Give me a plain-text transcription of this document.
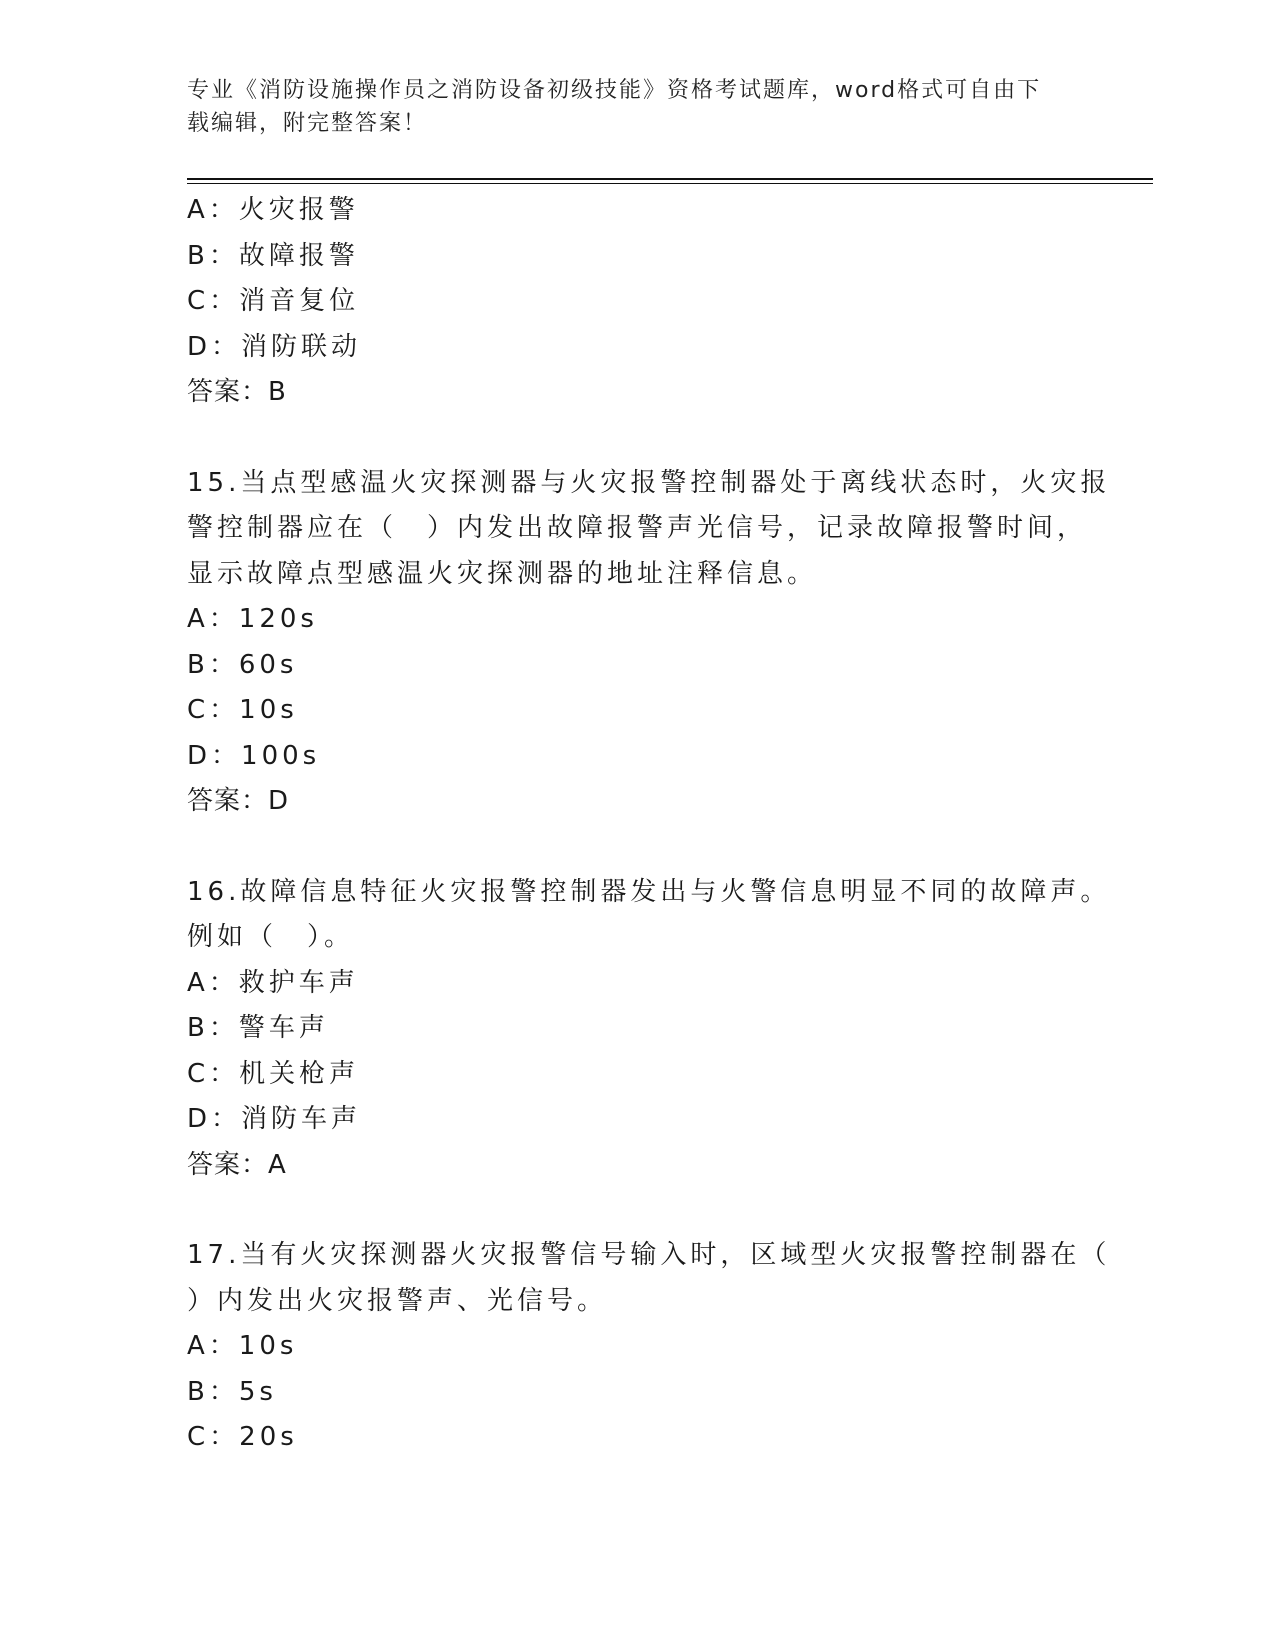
专业《消防设施操作员之消防设备初级技能》资格考试题库，word格式可自由下
载编辑，附完整答案！
A：火灾报警
B：故障报警
C：消音复位
D：消防联动
答案：B
15.当点型感温火灾探测器与火灾报警控制器处于离线状态时，火灾报
警控制器应在（　）内发出故障报警声光信号，记录故障报警时间，
显示故障点型感温火灾探测器的地址注释信息。
A：120s
B：60s
C：10s
D：100s
答案：D
16.故障信息特征火灾报警控制器发出与火警信息明显不同的故障声。
例如（　）。
A：救护车声
B：警车声
C：机关枪声
D：消防车声
答案：A
17.当有火灾探测器火灾报警信号输入时，区域型火灾报警控制器在（
）内发出火灾报警声、光信号。
A：10s
B：5s
C：20s
